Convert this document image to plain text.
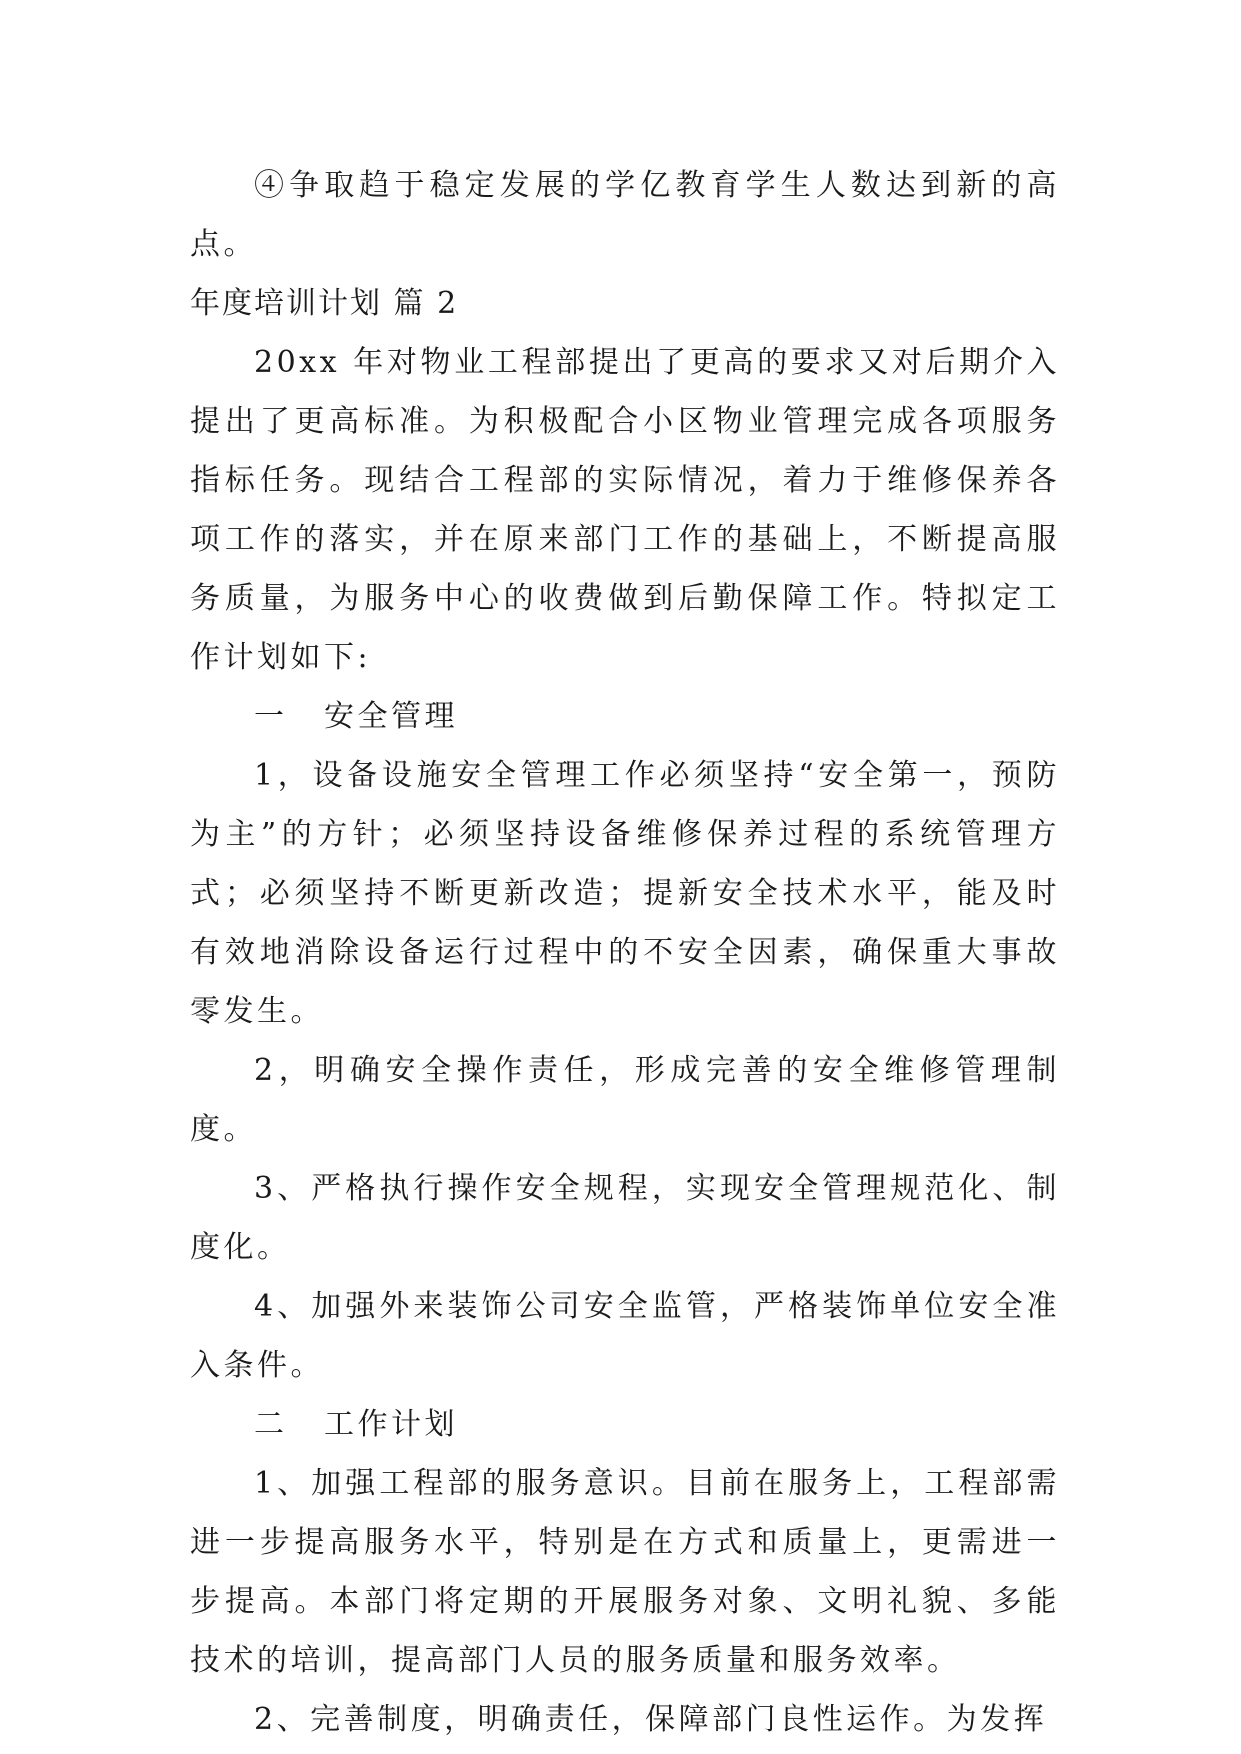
④争取趋于稳定发展的学亿教育学生人数达到新的高点。

年度培训计划 篇 2

20xx 年对物业工程部提出了更高的要求又对后期介入提出了更高标准。为积极配合小区物业管理完成各项服务指标任务。现结合工程部的实际情况，着力于维修保养各项工作的落实，并在原来部门工作的基础上，不断提高服务质量，为服务中心的收费做到后勤保障工作。特拟定工作计划如下:

一 安全管理

1，设备设施安全管理工作必须坚持“安全第一，预防为主”的方针；必须坚持设备维修保养过程的系统管理方式；必须坚持不断更新改造；提新安全技术水平，能及时有效地消除设备运行过程中的不安全因素，确保重大事故零发生。

2，明确安全操作责任，形成完善的安全维修管理制度。

3、严格执行操作安全规程，实现安全管理规范化、制度化。

4、加强外来装饰公司安全监管，严格装饰单位安全准入条件。

二 工作计划

1、加强工程部的服务意识。目前在服务上，工程部需进一步提高服务水平，特别是在方式和质量上，更需进一步提高。本部门将定期的开展服务对象、文明礼貌、多能技术的培训，提高部门人员的服务质量和服务效率。

2、完善制度，明确责任，保障部门良性运作。为发挥
